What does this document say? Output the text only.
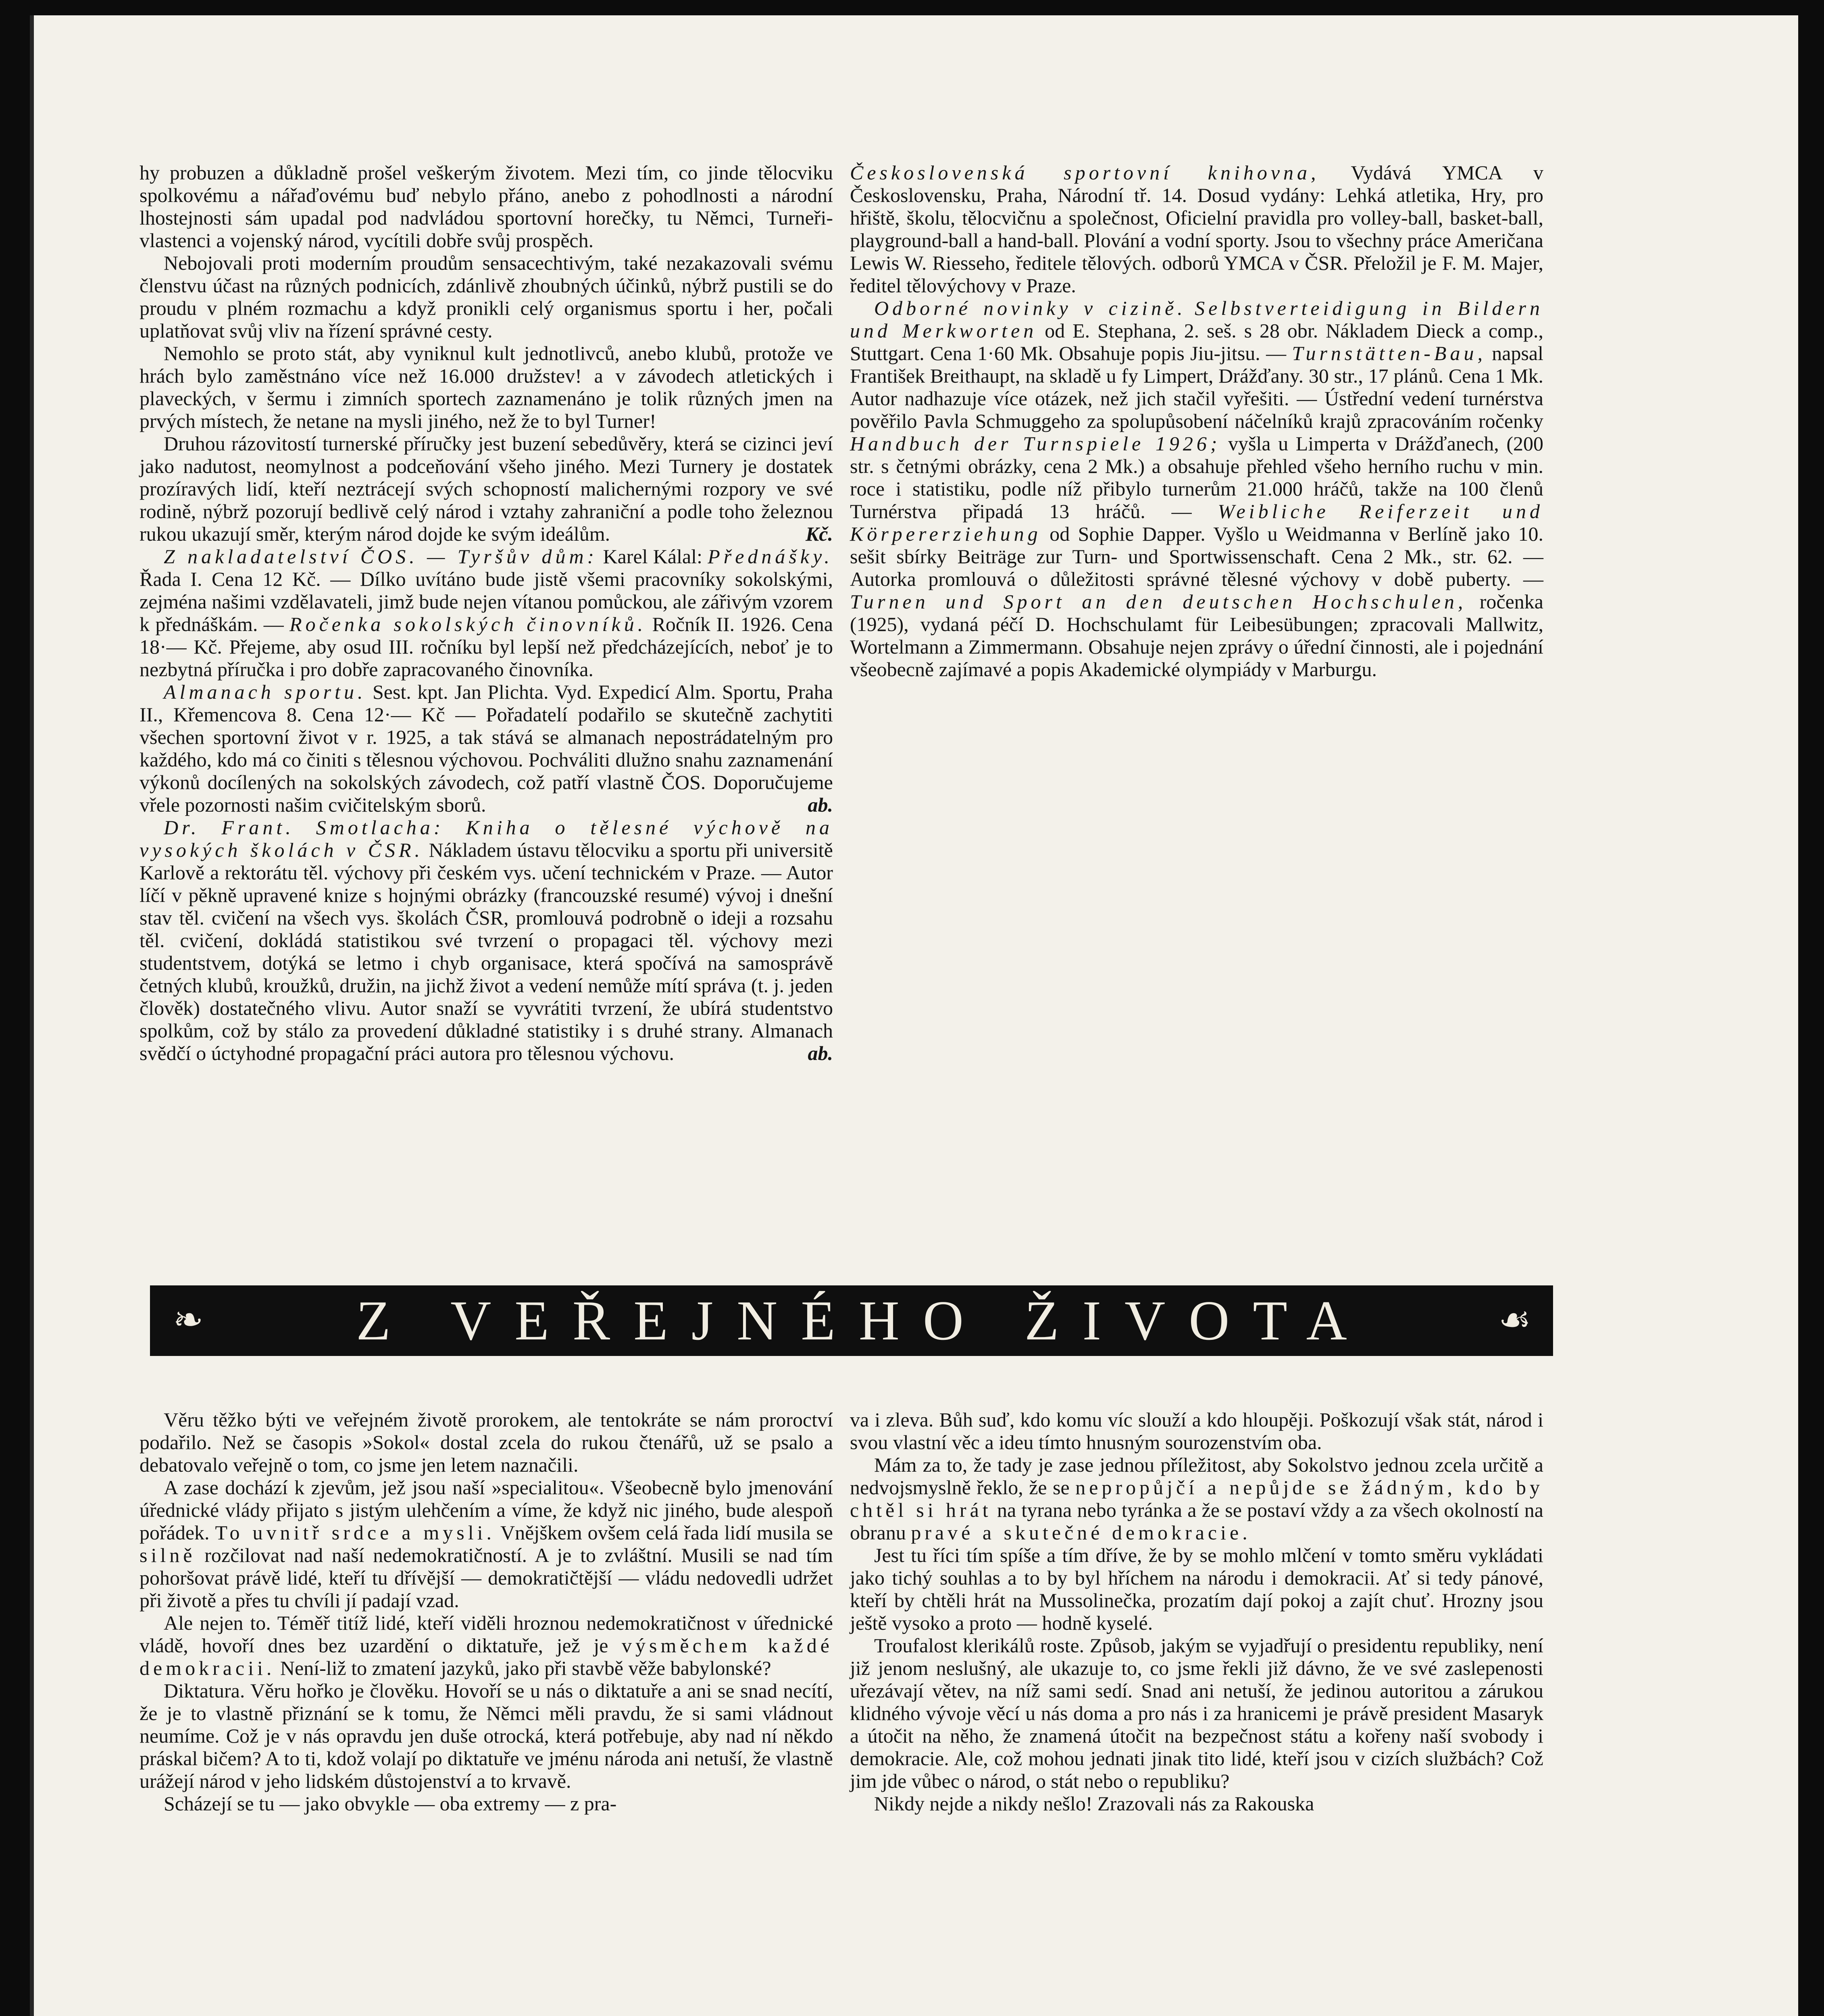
hy probuzen a důkladně prošel veškerým životem. Mezi tím, co jinde tělocviku spolkovému a nářaďovému buď nebylo přáno, anebo z pohodlnosti a národní lhostejnosti sám upadal pod nadvládou sportovní horečky, tu Němci, Turneři-vlastenci a vojenský národ, vycítili dobře svůj prospěch.

Nebojovali proti moderním proudům sensacechtivým, také nezakazovali svému členstvu účast na různých podnicích, zdánlivě zhoubných účinků, nýbrž pustili se do proudu v plném rozmachu a když pronikli celý organismus sportu i her, počali uplatňovat svůj vliv na řízení správné cesty.

Nemohlo se proto stát, aby vyniknul kult jednotlivců, anebo klubů, protože ve hrách bylo zaměstnáno více než 16.000 družstev! a v závodech atletických i plaveckých, v šermu i zimních sportech zaznamenáno je tolik různých jmen na prvých místech, že netane na mysli jiného, než že to byl Turner!

Druhou rázovitostí turnerské příručky jest buzení sebedůvěry, která se cizinci jeví jako nadutost, neomylnost a podceňování všeho jiného. Mezi Turnery je dostatek prozíravých lidí, kteří neztrácejí svých schopností malichernými rozpory ve své rodině, nýbrž pozorují bedlivě celý národ i vztahy zahraniční a podle toho železnou rukou ukazují směr, kterým národ dojde ke svým ideálům.	Kč.

Z nakladatelství ČOS. — Tyršův dům: Karel Kálal: Přednášky. Řada I. Cena 12 Kč. — Dílko uvítáno bude jistě všemi pracovníky sokolskými, zejména našimi vzdělavateli, jimž bude nejen vítanou pomůckou, ale zářivým vzorem k přednáškám. — Ročenka sokolských činovníků. Ročník II. 1926. Cena 18·— Kč. Přejeme, aby osud III. ročníku byl lepší než předcházejících, neboť je to nezbytná příručka i pro dobře zapracovaného činovníka.

Almanach sportu. Sest. kpt. Jan Plichta. Vyd. Expedicí Alm. Sportu, Praha II., Křemencova 8. Cena 12·— Kč — Pořadatelí podařilo se skutečně zachytiti všechen sportovní život v r. 1925, a tak stává se almanach nepostrádatelným pro každého, kdo má co činiti s tělesnou výchovou. Pochváliti dlužno snahu zaznamenání výkonů docílených na sokolských závodech, což patří vlastně ČOS. Doporučujeme vřele pozornosti našim cvičitelským sborů.	ab.

Dr. Frant. Smotlacha: Kniha o tělesné výchově na vysokých školách v ČSR. Nákladem ústavu tělocviku a sportu při universitě Karlově a rektorátu těl. výchovy při českém vys. učení technickém v Praze. — Autor líčí v pěkně upravené knize s hojnými obrázky (francouzské resumé) vývoj i dnešní stav těl. cvičení na všech vys. školách ČSR, promlouvá podrobně o ideji a rozsahu těl. cvičení, dokládá statistikou své tvrzení o propagaci těl. výchovy mezi studentstvem, dotýká se letmo i chyb organisace, která spočívá na samosprávě četných klubů, kroužků, družin, na jichž život a vedení nemůže mítí správa (t. j. jeden člověk) dostatečného vlivu. Autor snaží se vyvrátiti tvrzení, že ubírá studentstvo spolkům, což by stálo za provedení důkladné statistiky i s druhé strany. Almanach svědčí o úctyhodné propagační práci autora pro tělesnou výchovu.	ab.

Československá sportovní knihovna, Vydává YMCA v Československu, Praha, Národní tř. 14. Dosud vydány: Lehká atletika, Hry, pro hřiště, školu, tělocvičnu a společnost, Oficielní pravidla pro volley-ball, basket-ball, playground-ball a hand-ball. Plování a vodní sporty. Jsou to všechny práce Američana Lewis W. Riesseho, ředitele tělových. odborů YMCA v ČSR. Přeložil je F. M. Majer, ředitel tělovýchovy v Praze.

Odborné novinky v cizině. Selbstverteidigung in Bildern und Merkworten od E. Stephana, 2. seš. s 28 obr. Nákladem Dieck a comp., Stuttgart. Cena 1·60 Mk. Obsahuje popis Jiu-jitsu. — Turnstätten-Bau, napsal František Breithaupt, na skladě u fy Limpert, Drážďany. 30 str., 17 plánů. Cena 1 Mk. Autor nadhazuje více otázek, než jich stačil vyřešiti. — Ústřední vedení turnérstva pověřilo Pavla Schmuggeho za spolupůsobení náčelníků krajů zpracováním ročenky Handbuch der Turnspiele 1926; vyšla u Limperta v Drážďanech, (200 str. s četnými obrázky, cena 2 Mk.) a obsahuje přehled všeho herního ruchu v min. roce i statistiku, podle níž přibylo turnerům 21.000 hráčů, takže na 100 členů Turnérstva připadá 13 hráčů. — Weibliche Reiferzeit und Körpererziehung od Sophie Dapper. Vyšlo u Weidmanna v Berlíně jako 10. sešit sbírky Beiträge zur Turn- und Sportwissenschaft. Cena 2 Mk., str. 62. — Autorka promlouvá o důležitosti správné tělesné výchovy v době puberty. — Turnen und Sport an den deutschen Hochschulen, ročenka (1925), vydaná péčí D. Hochschulamt für Leibesübungen; zpracovali Mallwitz, Wortelmann a Zimmermann. Obsahuje nejen zprávy o úřední činnosti, ale i pojednání všeobecně zajímavé a popis Akademické olympiády v Marburgu.

❧	Z VEŘEJNÉHO ŽIVOTA	☙

Věru těžko býti ve veřejném životě prorokem, ale tentokráte se nám proroctví podařilo. Než se časopis »Sokol« dostal zcela do rukou čtenářů, už se psalo a debatovalo veřejně o tom, co jsme jen letem naznačili.

A zase dochází k zjevům, jež jsou naší »specialitou«. Všeobecně bylo jmenování úřednické vlády přijato s jistým ulehčením a víme, že když nic jiného, bude alespoň pořádek. To uvnitř srdce a mysli. Vnějškem ovšem celá řada lidí musila se silně rozčilovat nad naší nedemokratičností. A je to zvláštní. Musili se nad tím pohoršovat právě lidé, kteří tu dřívější — demokratičtější — vládu nedovedli udržet při životě a přes tu chvíli jí padají vzad.

Ale nejen to. Téměř titíž lidé, kteří viděli hroznou nedemokratičnost v úřednické vládě, hovoří dnes bez uzardění o diktatuře, jež je výsměchem každé demokracii. Není-liž to zmatení jazyků, jako při stavbě věže babylonské?

Diktatura. Věru hořko je člověku. Hovoří se u nás o diktatuře a ani se snad necítí, že je to vlastně přiznání se k tomu, že Němci měli pravdu, že si sami vládnout neumíme. Což je v nás opravdu jen duše otrocká, která potřebuje, aby nad ní někdo práskal bičem? A to ti, kdož volají po diktatuře ve jménu národa ani netuší, že vlastně urážejí národ v jeho lidském důstojenství a to krvavě.

Scházejí se tu — jako obvykle — oba extremy — z pra-

va i zleva. Bůh suď, kdo komu víc slouží a kdo hloupěji. Poškozují však stát, národ i svou vlastní věc a ideu tímto hnusným sourozenstvím oba.

Mám za to, že tady je zase jednou příležitost, aby Sokolstvo jednou zcela určitě a nedvojsmyslně řeklo, že se nepropůjčí a nepůjde se žádným, kdo by chtěl si hrát na tyrana nebo tyránka a že se postaví vždy a za všech okolností na obranu pravé a skutečné demokracie.

Jest tu říci tím spíše a tím dříve, že by se mohlo mlčení v tomto směru vykládati jako tichý souhlas a to by byl hříchem na národu i demokracii. Ať si tedy pánové, kteří by chtěli hrát na Mussolinečka, prozatím dají pokoj a zajít chuť. Hrozny jsou ještě vysoko a proto — hodně kyselé.

Troufalost klerikálů roste. Způsob, jakým se vyjadřují o presidentu republiky, není již jenom neslušný, ale ukazuje to, co jsme řekli již dávno, že ve své zaslepenosti uřezávají větev, na níž sami sedí. Snad ani netuší, že jedinou autoritou a zárukou klidného vývoje věcí u nás doma a pro nás i za hranicemi je právě president Masaryk a útočit na něho, že znamená útočit na bezpečnost státu a kořeny naší svobody i demokracie. Ale, což mohou jednati jinak tito lidé, kteří jsou v cizích službách? Což jim jde vůbec o národ, o stát nebo o republiku?

Nikdy nejde a nikdy nešlo! Zrazovali nás za Rakouska
